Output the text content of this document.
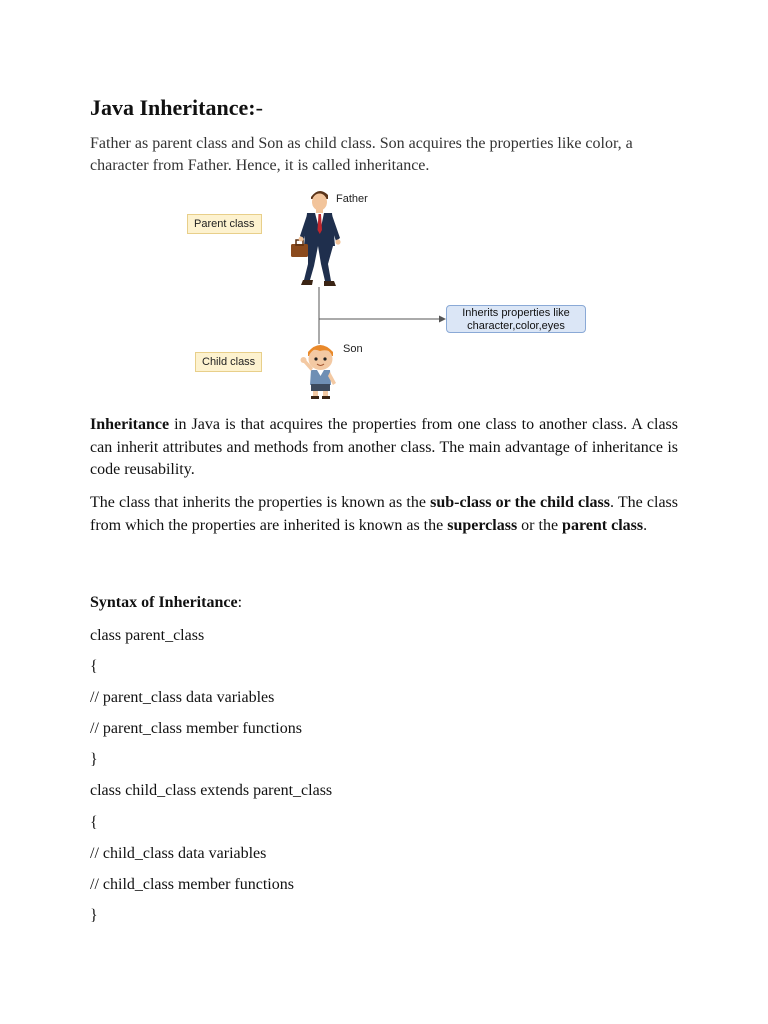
Java Inheritance:-

Father as parent class and Son as child class. Son acquires the properties like color, a character from Father. Hence, it is called inheritance.

Father
Son
Parent class
Child class
Inherits properties like
character,color,eyes

Inheritance in Java is that acquires the properties from one class to another class. A class can inherit attributes and methods from another class. The main advantage of inheritance is code reusability.

The class that inherits the properties is known as the sub-class or the child class. The class from which the properties are inherited is known as the superclass or the parent class.

Syntax of Inheritance:

class parent_class

{

// parent_class data variables

// parent_class member functions

}

class child_class extends parent_class

{

// child_class data variables

// child_class member functions

}
